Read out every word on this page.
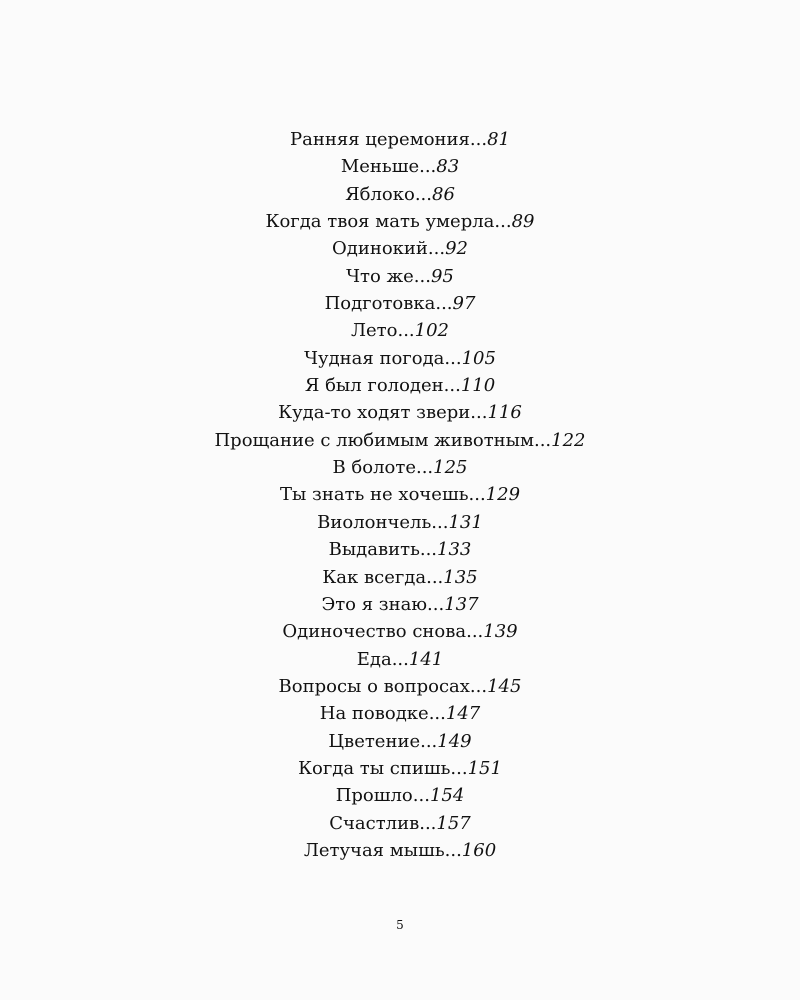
Ранняя церемония...81
Меньше...83
Яблоко...86
Когда твоя мать умерла...89
Одинокий...92
Что же...95
Подготовка...97
Лето...102
Чудная погода...105
Я был голоден...110
Куда-то ходят звери...116
Прощание с любимым животным...122
В болоте...125
Ты знать не хочешь...129
Виолончель...131
Выдавить...133
Как всегда...135
Это я знаю...137
Одиночество снова...139
Еда...141
Вопросы о вопросах...145
На поводке...147
Цветение...149
Когда ты спишь...151
Прошло...154
Счастлив...157
Летучая мышь...160
5
